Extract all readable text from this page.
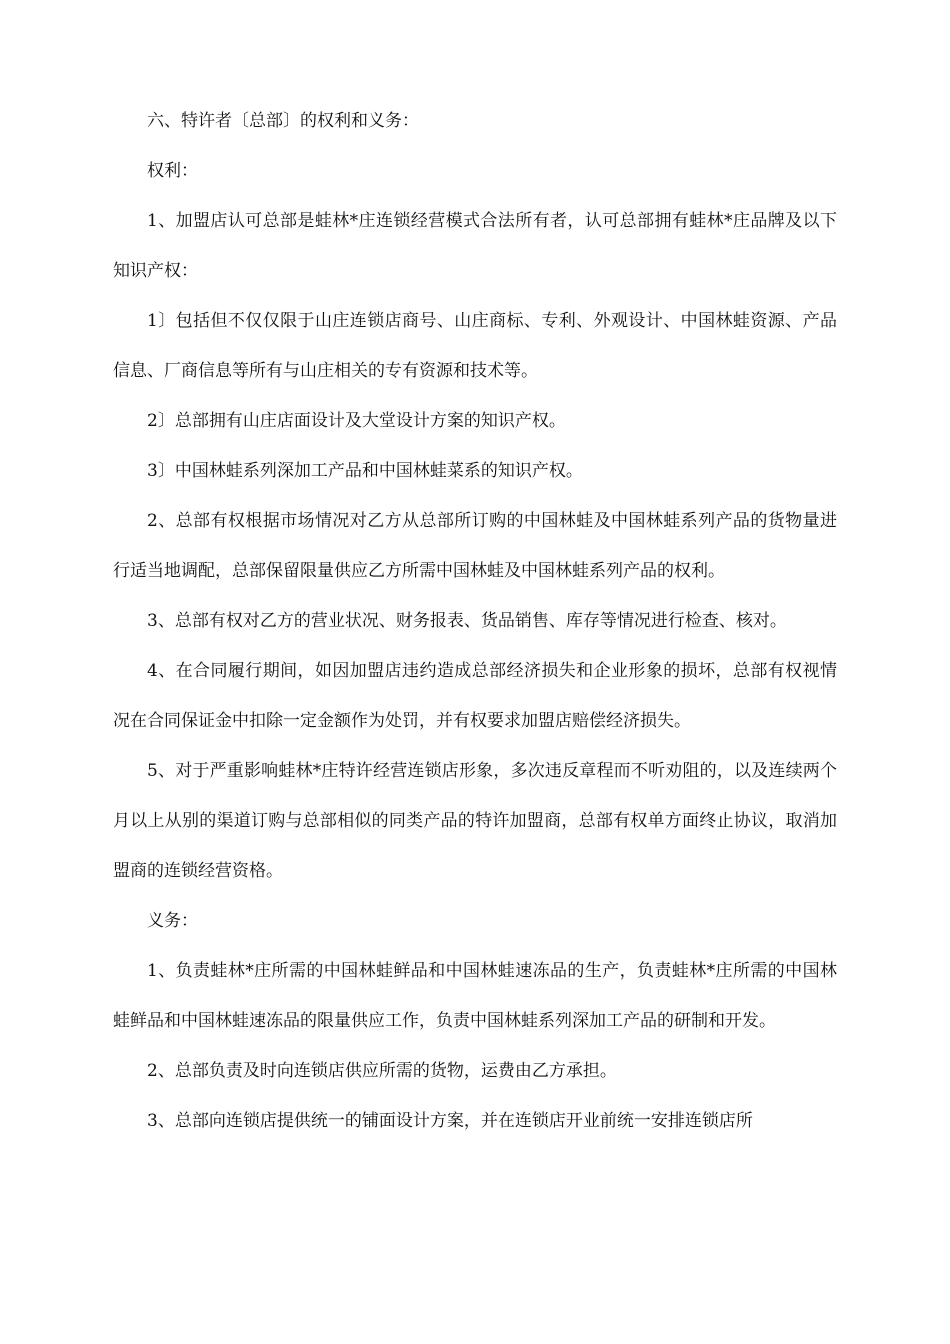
六、特许者〔总部〕的权利和义务：

权利：

1、加盟店认可总部是蛙林*庄连锁经营模式合法所有者，认可总部拥有蛙林*庄品牌及以下知识产权：

1〕包括但不仅仅限于山庄连锁店商号、山庄商标、专利、外观设计、中国林蛙资源、产品信息、厂商信息等所有与山庄相关的专有资源和技术等。

2〕总部拥有山庄店面设计及大堂设计方案的知识产权。

3〕中国林蛙系列深加工产品和中国林蛙菜系的知识产权。

2、总部有权根据市场情况对乙方从总部所订购的中国林蛙及中国林蛙系列产品的货物量进行适当地调配，总部保留限量供应乙方所需中国林蛙及中国林蛙系列产品的权利。

3、总部有权对乙方的营业状况、财务报表、货品销售、库存等情况进行检查、核对。

4、在合同履行期间，如因加盟店违约造成总部经济损失和企业形象的损坏，总部有权视情况在合同保证金中扣除一定金额作为处罚，并有权要求加盟店赔偿经济损失。

5、对于严重影响蛙林*庄特许经营连锁店形象，多次违反章程而不听劝阻的，以及连续两个月以上从别的渠道订购与总部相似的同类产品的特许加盟商，总部有权单方面终止协议，取消加盟商的连锁经营资格。

义务：

1、负责蛙林*庄所需的中国林蛙鲜品和中国林蛙速冻品的生产，负责蛙林*庄所需的中国林蛙鲜品和中国林蛙速冻品的限量供应工作，负责中国林蛙系列深加工产品的研制和开发。

2、总部负责及时向连锁店供应所需的货物，运费由乙方承担。

3、总部向连锁店提供统一的铺面设计方案，并在连锁店开业前统一安排连锁店所
